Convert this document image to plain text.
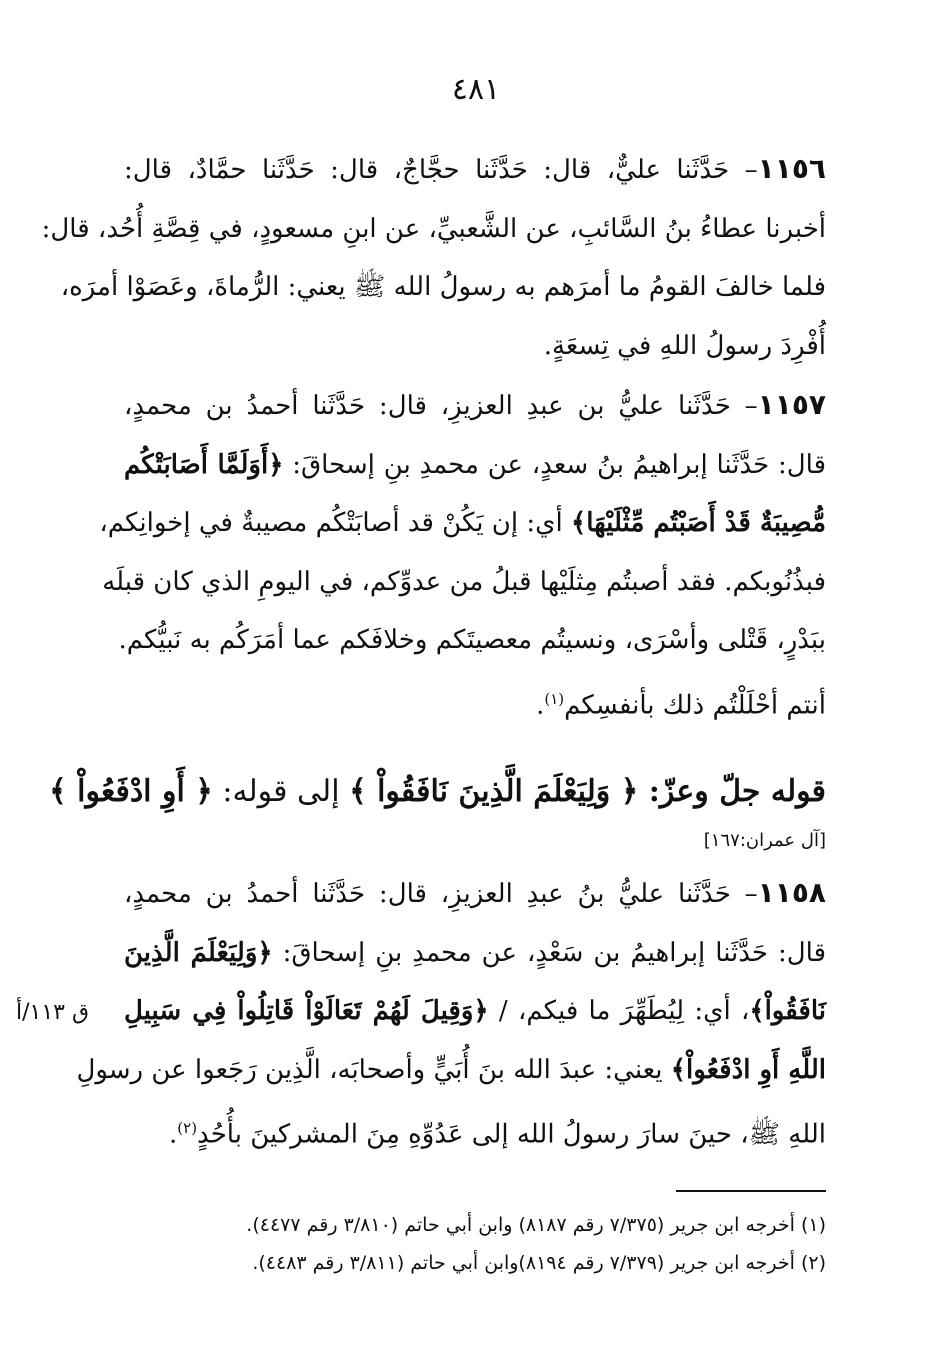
٤٨١
١١٥٦– حَدَّثَنا عليٌّ، قال: حَدَّثَنا حجَّاجٌ، قال: حَدَّثَنا حمَّادٌ، قال:
أخبرنا عطاءُ بنُ السَّائبِ، عن الشَّعبيِّ، عن ابنِ مسعودٍ، في قِصَّةِ أُحُد، قال:
فلما خالفَ القومُ ما أمرَهم به رسولُ الله ﷺ يعني: الرُّماةَ، وعَصَوْا أمرَه،
أُفْرِدَ رسولُ اللهِ في تِسعَةٍ.
١١٥٧– حَدَّثَنا عليُّ بن عبدِ العزيزِ، قال: حَدَّثَنا أحمدُ بن محمدٍ،
قال: حَدَّثَنا إبراهيمُ بنُ سعدٍ، عن محمدِ بنِ إسحاقَ: ﴿أَوَلَمَّا أَصَابَتْكُم
مُّصِيبَةٌ قَدْ أَصَبْتُم مِّثْلَيْهَا﴾ أي: إن يَكُنْ قد أصابَتْكُم مصيبةٌ في إخوانِكم،
فبذُنُوبكم. فقد أصبتُم مِثلَيْها قبلُ من عدوِّكم، في اليومِ الذي كان قبلَه
ببَدْرٍ، قَتْلى وأسْرَى، ونسيتُم معصيتَكم وخلافَكم عما أمَرَكُم به نَبيُّكم.
أنتم أحْلَلْتُم ذلك بأنفسِكم$^{(١)}$.
قوله جلّ وعزّ: ﴿ وَلِيَعْلَمَ الَّذِينَ نَافَقُواْ ﴾ إلى قوله: ﴿ أَوِ ادْفَعُواْ ﴾
[آل عمران:١٦٧]
١١٥٨– حَدَّثَنا عليُّ بنُ عبدِ العزيزِ، قال: حَدَّثَنا أحمدُ بن محمدٍ،
قال: حَدَّثَنا إبراهيمُ بن سَعْدٍ، عن محمدِ بنِ إسحاقَ: ﴿وَلِيَعْلَمَ الَّذِينَ
نَافَقُواْ﴾، أي: لِيُطَهِّرَ ما فيكم، / ﴿وَقِيلَ لَهُمْ تَعَالَوْاْ قَاتِلُواْ فِي سَبِيلِ
اللَّهِ أَوِ ادْفَعُواْ﴾ يعني: عبدَ الله بنَ أُبَيٍّ وأصحابَه، الَّذِين رَجَعوا عن رسولِ
اللهِ ﷺ، حينَ سارَ رسولُ الله إلى عَدُوِّهِ مِنَ المشركينَ بأُحُدٍ$^{(٢)}$.
ق ١١٣/أ
(١) أخرجه ابن جرير (٧/٣٧٥ رقم ٨١٨٧) وابن أبي حاتم (٣/٨١٠ رقم ٤٤٧٧).
(٢) أخرجه ابن جرير (٧/٣٧٩ رقم ٨١٩٤)وابن أبي حاتم (٣/٨١١ رقم ٤٤٨٣).
